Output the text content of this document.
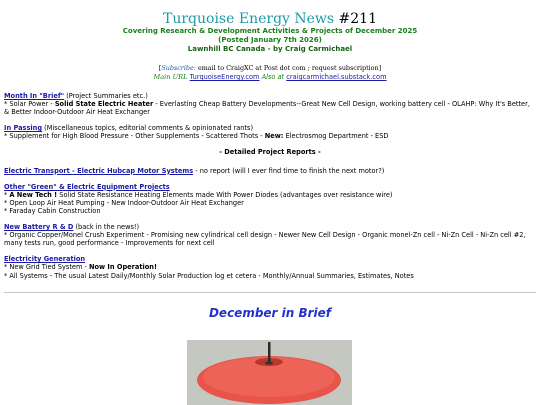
Turquoise Energy News #211
Covering Research & Development Activities & Projects of December 2025
(Posted January 7th 2026)
Lawnhill BC Canada - by Craig Carmichael
[Subscribe: email to CraigXC at Post dot com ; request subscription]
Main URL TurquoiseEnergy.com Also at craigcarmichael.substack.com
Month In "Brief" (Project Summaries etc.)
* Solar Power - Solid State Electric Heater - Everlasting Cheap Battery Developments--Great New Cell Design, working battery cell - OLAHP: Why It's Better, & Better Indoor-Outdoor Air Heat Exchanger
In Passing (Miscellaneous topics, editorial comments & opinionated rants)
* Supplement for High Blood Pressure - Other Supplements - Scattered Thots - New: Electrosmog Department - ESD
- Detailed Project Reports -
Electric Transport - Electric Hubcap Motor Systems - no report (will I ever find time to finish the next motor?)
Other "Green" & Electric Equipment Projects
* A New Tech ! Solid State Resistance Heating Elements made With Power Diodes (advantages over resistance wire)
* Open Loop Air Heat Pumping - New Indoor-Outdoor Air Heat Exchanger
* Faraday Cabin Construction
New Battery R & D (back in the news!)
* Organic Copper/Monel Crush Experiment - Promising new cylindrical cell design - Newer New Cell Design - Organic monel-Zn cell - Ni-Zn Cell - Ni-Zn cell #2, many tests run, good performance - Improvements for next cell
Electricity Generation
* New Grid Tied System - Now In Operation!
* All Systems - The usual Latest Daily/Monthly Solar Production log et cetera - Monthly/Annual Summaries, Estimates, Notes
December in Brief
